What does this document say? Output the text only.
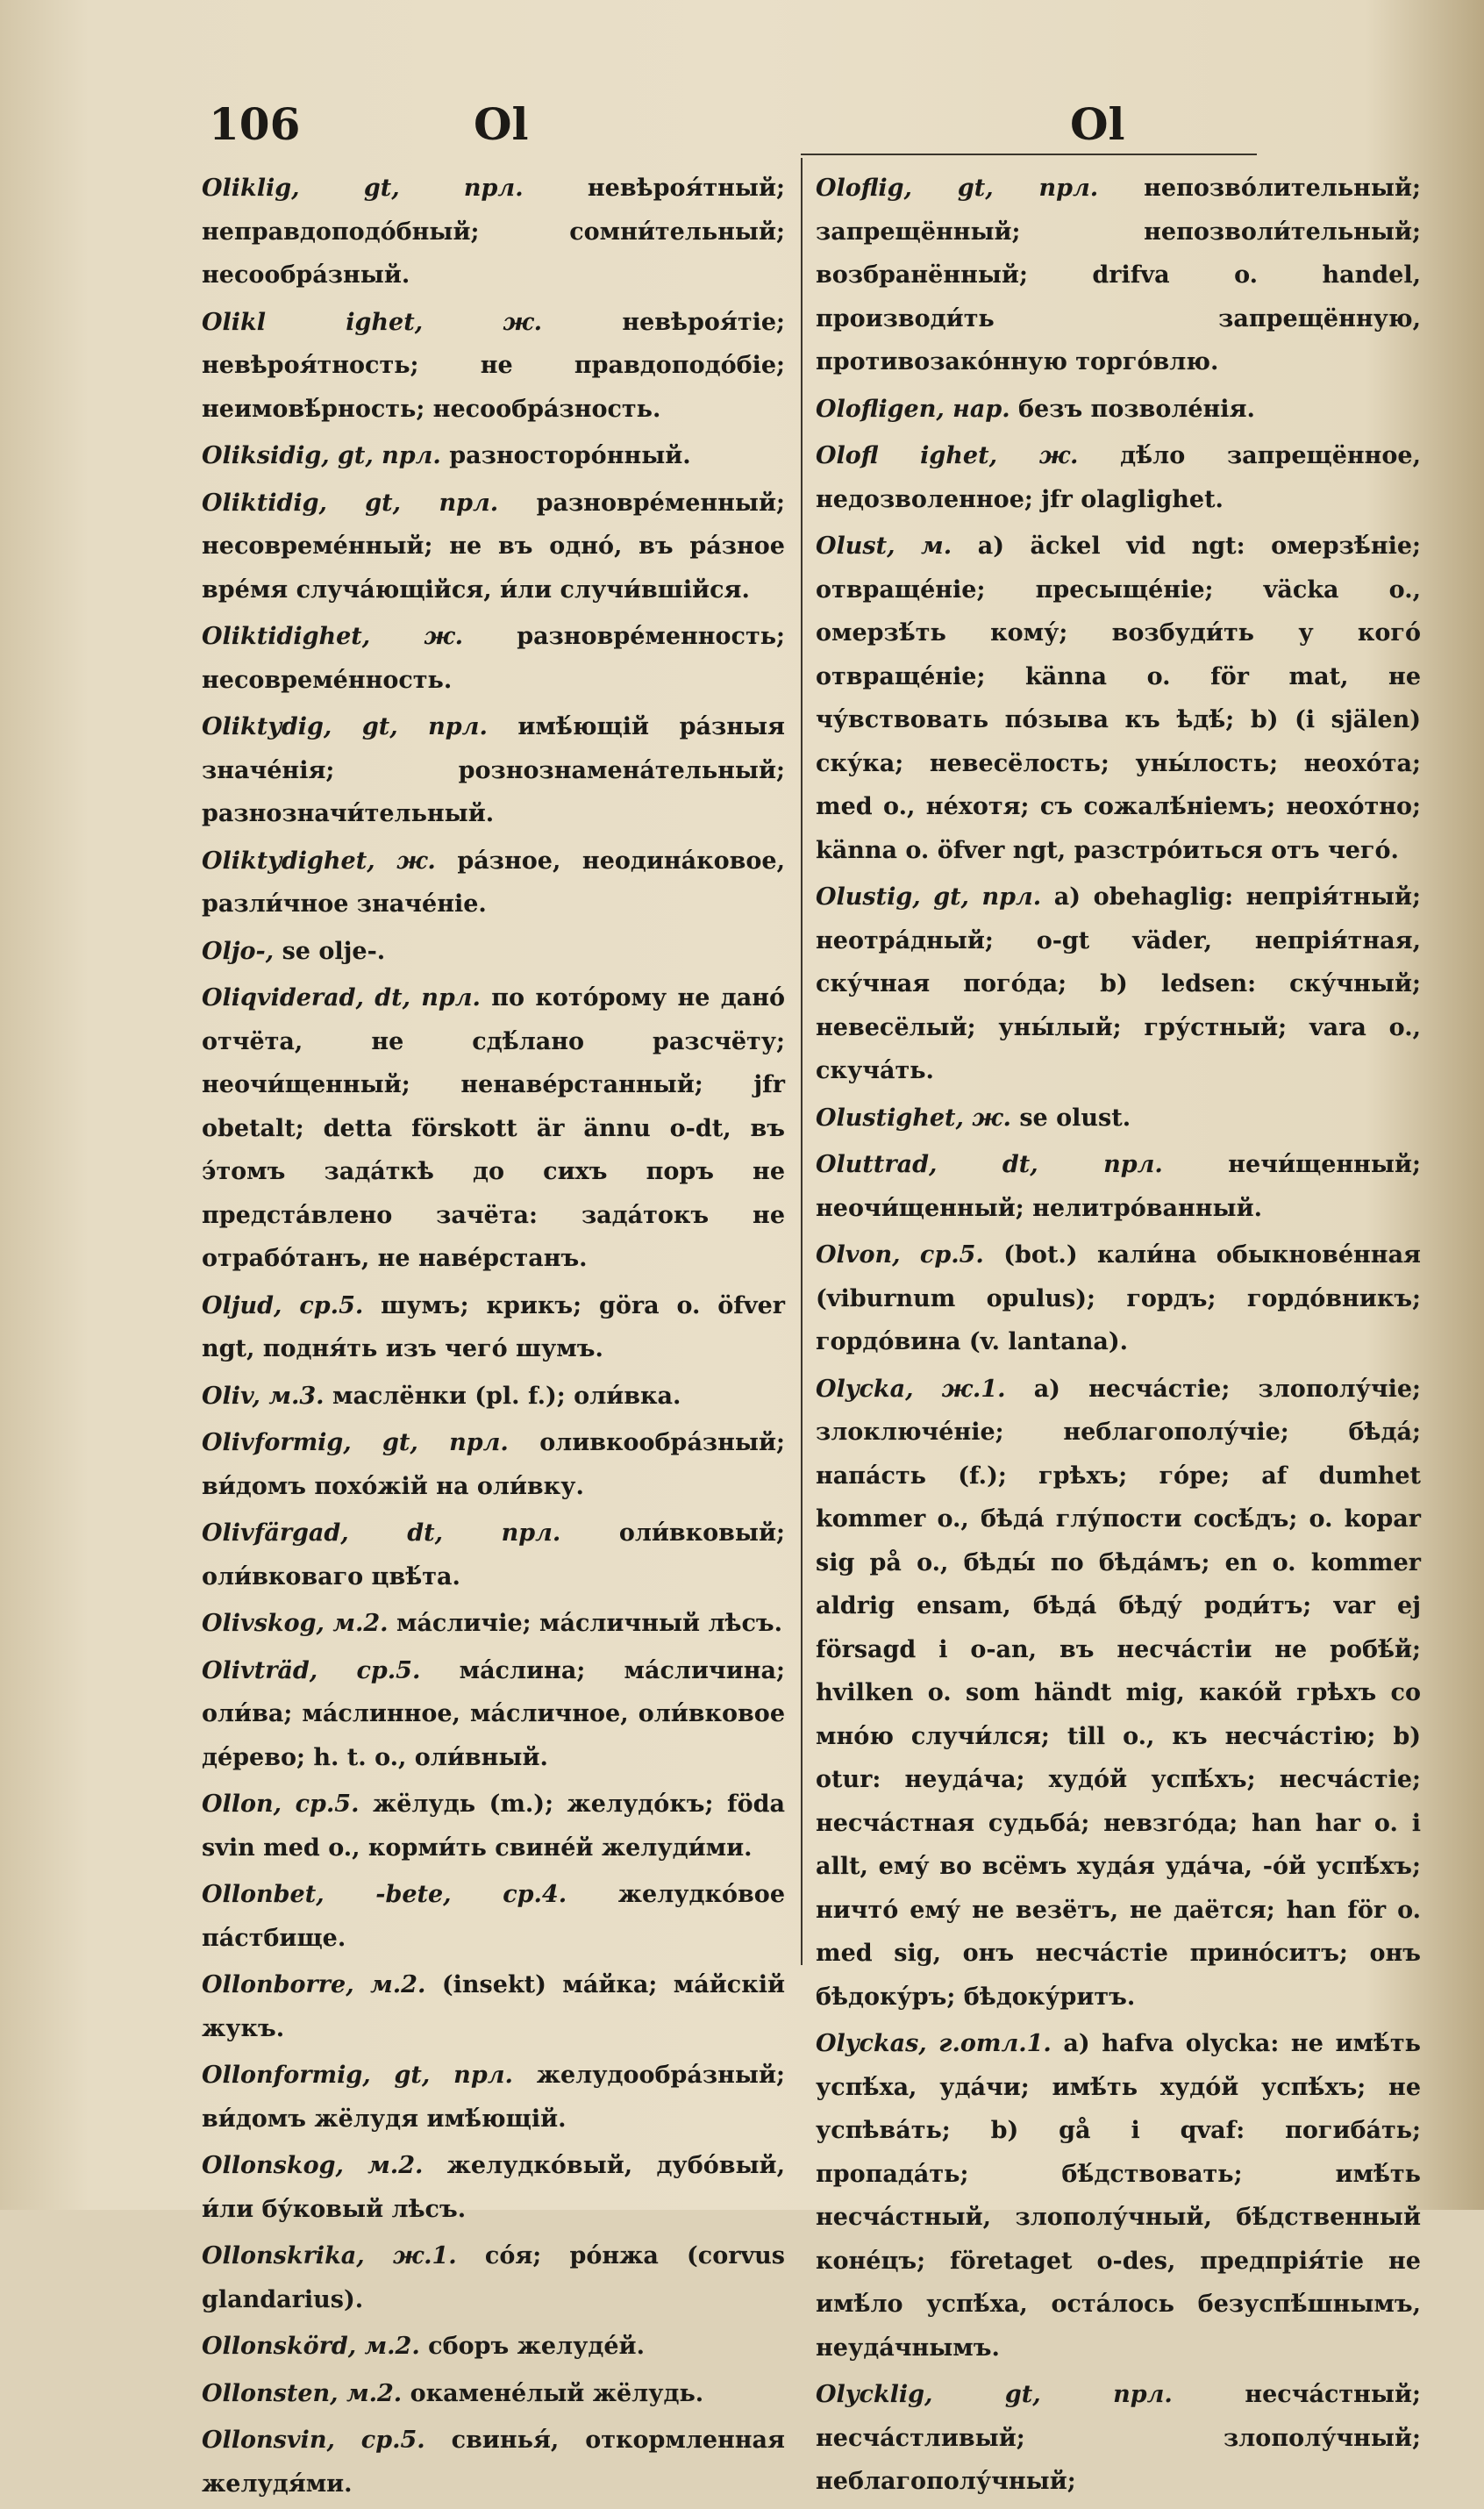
106	Ol	Ol

Oliklig, gt, прл.	невѣроя́тный; неправдоподо́бный; сомни́тельный; несообра́зный.

Olikl ighet, ж.	невѣроя́тіе; невѣроя́тность; не правдоподо́біе; неимовѣ́рность; несообра́зность.

Oliksidig, gt, прл. разносторо́нный.

Oliktidig, gt, прл. разновре́менный; несовреме́нный; не въ одно́, въ ра́зное вре́мя случа́ющійся, и́ли случи́вшійся.

Oliktidighet, ж. разновре́менность; несовреме́нность.

Oliktydig, gt, прл. имѣ́ющій ра́зныя значе́нія; рознознамена́тельный; разнозначи́тельный.

Oliktydighet, ж. ра́зное, неодина́ковое, разли́чное значе́ніе.

Oljo-, se olje-.

Oliqviderad, dt, прл. по кото́рому не дано́ отчёта, не сдѣ́лано разсчёту; неочи́щенный; ненаве́рстанный; jfr obetalt; detta förskott är ännu o-dt, въ э́томъ зада́ткѣ до сихъ поръ не предста́влено зачёта: зада́токъ не отрабо́танъ, не наве́рстанъ.

Oljud, ср.5. шумъ; крикъ; göra o. öfver ngt, подня́ть изъ чего́ шумъ.

Oliv, м.3. маслёнки (pl. f.); оли́вка.

Olivformig, gt, прл. оливкообра́зный; ви́домъ похо́жій на оли́вку.

Olivfärgad, dt, прл. оли́вковый; оли́вковаго цвѣ́та.

Olivskog, м.2. ма́сличіе; ма́сличный лѣсъ.

Olivträd, ср.5. ма́слина; ма́сличина; оли́ва; ма́слинное, ма́сличное, оли́вковое де́рево; h. t. o., оли́вный.

Ollon, ср.5. жёлудь (m.); желудо́къ; föda svin med o., корми́ть свине́й желуди́ми.

Ollonbet, -bete, ср.4. желудко́вое па́стбище.

Ollonborre, м.2. (insekt) ма́йка; ма́йскій жукъ.

Ollonformig, gt, прл. желудообра́зный; ви́домъ жёлудя имѣ́ющій.

Ollonskog, м.2. желудко́вый, дубо́вый, и́ли бу́ковый лѣсъ.

Ollonskrika, ж.1. со́я; ро́нжа (corvus glandarius).

Ollonskörd, м.2. сборъ желуде́й.

Ollonsten, м.2. окамене́лый жёлудь.

Ollonsvin, ср.5. свинья́, откормленная желудя́ми.

Oloflig, gt, прл. непозво́лительный; запрещённый; непозволи́тельный; возбранённый; drifva o. handel, производи́ть запрещённую, противозако́нную торго́влю.

Olofligen, нар. безъ позволе́нія.

Olofl ighet, ж. дѣ́ло запрещённое, недозволенное; jfr olaglighet.

Olust, м. a) äckel vid ngt: омерзѣ́ніе; отвраще́ніе; пресыще́ніе; väcka o., омерзѣ́ть кому́; возбуди́ть у кого́ отвраще́ніе; känna o. för mat, не чу́вствовать по́зыва къ ѣдѣ́; b) (i själen) ску́ка; невесёлость; уны́лость; неохо́та; med o., не́хотя; съ сожалѣ́ніемъ; неохо́тно; känna o. öfver ngt, разстро́иться отъ чего́.

Olustig, gt, прл. a) obehaglig: непрія́тный; неотра́дный; o-gt väder, непрія́тная, ску́чная пого́да; b) ledsen: ску́чный; невесёлый; уны́лый; гру́стный; vara o., скуча́ть.

Olustighet, ж. se olust.

Oluttrad, dt, прл.	нечи́щенный; неочи́щенный; нелитро́ванный.

Olvon, ср.5. (bot.) кали́на обыкнове́нная (viburnum opulus); гордъ; гордо́вникъ; гордо́вина (v. lantana).

Olycka, ж.1. a) несча́стіе; злополу́чіе; злоключе́ніе; неблагополу́чіе; бѣда́; напа́сть (f.); грѣхъ; го́ре; af dumhet kommer o., бѣда́ глу́пости сосѣ́дъ; o. kopar sig på o., бѣды́ по бѣда́мъ; en o. kommer aldrig ensam, бѣда́ бѣду́ роди́тъ; var ej försagd i o-an, въ несча́стіи не робѣ́й; hvilken o. som händt mig, како́й грѣхъ со мно́ю случи́лся; till o., къ несча́стію; b) otur: неуда́ча; худо́й успѣ́хъ; несча́стіе; несча́стная судьба́; невзго́да; han har o. i allt, ему́ во всёмъ худа́я уда́ча, -о́й успѣ́хъ; ничто́ ему́ не везётъ, не даётся; han för o. med sig, онъ несча́стіе прино́ситъ; онъ бѣдоку́ръ; бѣдоку́ритъ.

Olyckas, г.отл.1. a) hafva olycka: не имѣ́ть успѣ́ха, уда́чи; имѣ́ть худо́й успѣ́хъ; не успѣва́ть; b) gå i qvaf: погиба́ть; пропада́ть; бѣ́дствовать; имѣ́ть несча́стный, злополу́чный, бѣ́дственный коне́цъ; företaget o-des, предпрія́тіе не имѣ́ло успѣ́ха, оста́лось безуспѣ́шнымъ, неуда́чнымъ.

Olycklig, gt, прл.	несча́стный; несча́стливый; злополу́чный; неблагополу́чный;
